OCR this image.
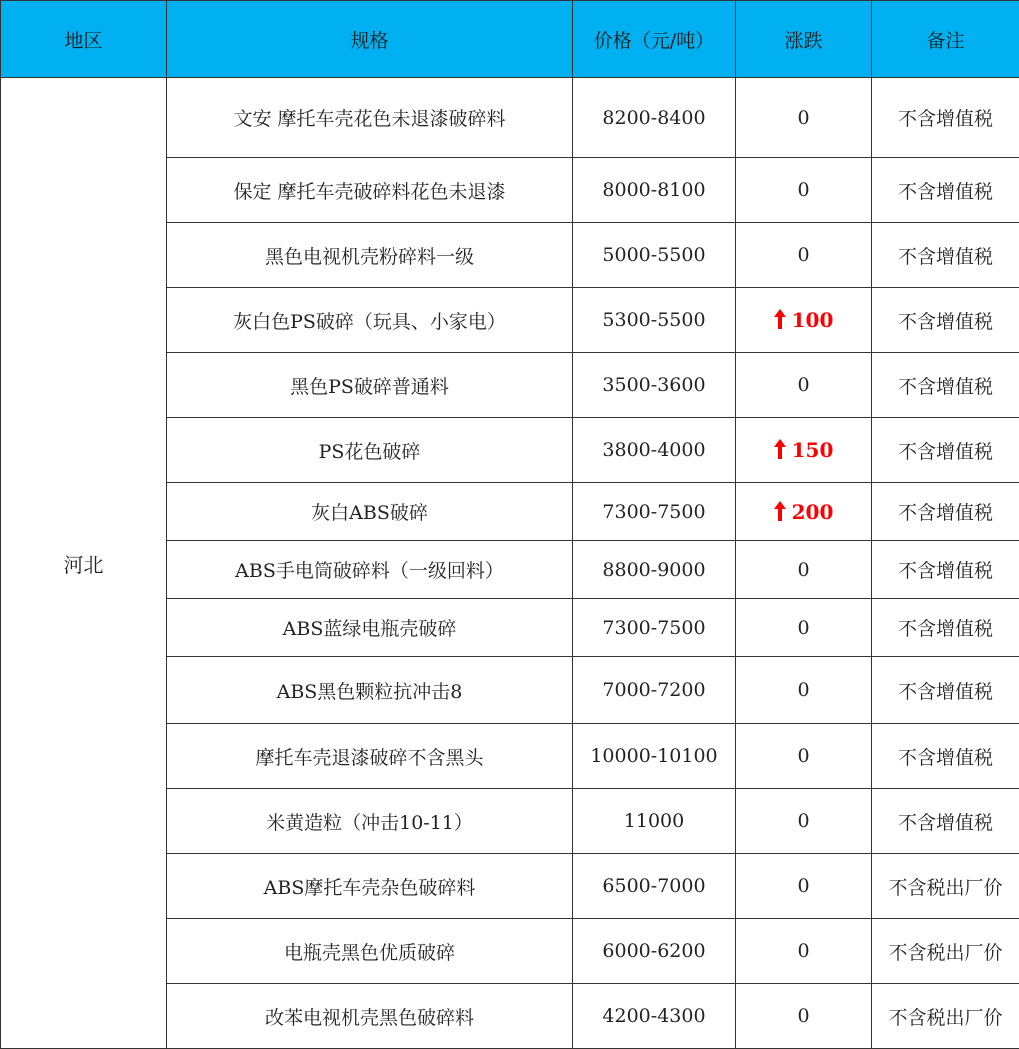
地区	规格	价格（元/吨）	涨跌	备注
河北	文安 摩托车壳花色未退漆破碎料	8200-8400	0	不含增值税
	保定 摩托车壳破碎料花色未退漆	8000-8100	0	不含增值税
	黑色电视机壳粉碎料一级	5000-5500	0	不含增值税
	灰白色PS破碎（玩具、小家电）	5300-5500	100	不含增值税
	黑色PS破碎普通料	3500-3600	0	不含增值税
	PS花色破碎	3800-4000	150	不含增值税
	灰白ABS破碎	7300-7500	200	不含增值税
	ABS手电筒破碎料（一级回料）	8800-9000	0	不含增值税
	ABS蓝绿电瓶壳破碎	7300-7500	0	不含增值税
	ABS黑色颗粒抗冲击8	7000-7200	0	不含增值税
	摩托车壳退漆破碎不含黑头	10000-10100	0	不含增值税
	米黄造粒（冲击10-11）	11000	0	不含增值税
	ABS摩托车壳杂色破碎料	6500-7000	0	不含税出厂价
	电瓶壳黑色优质破碎	6000-6200	0	不含税出厂价
	改苯电视机壳黑色破碎料	4200-4300	0	不含税出厂价
